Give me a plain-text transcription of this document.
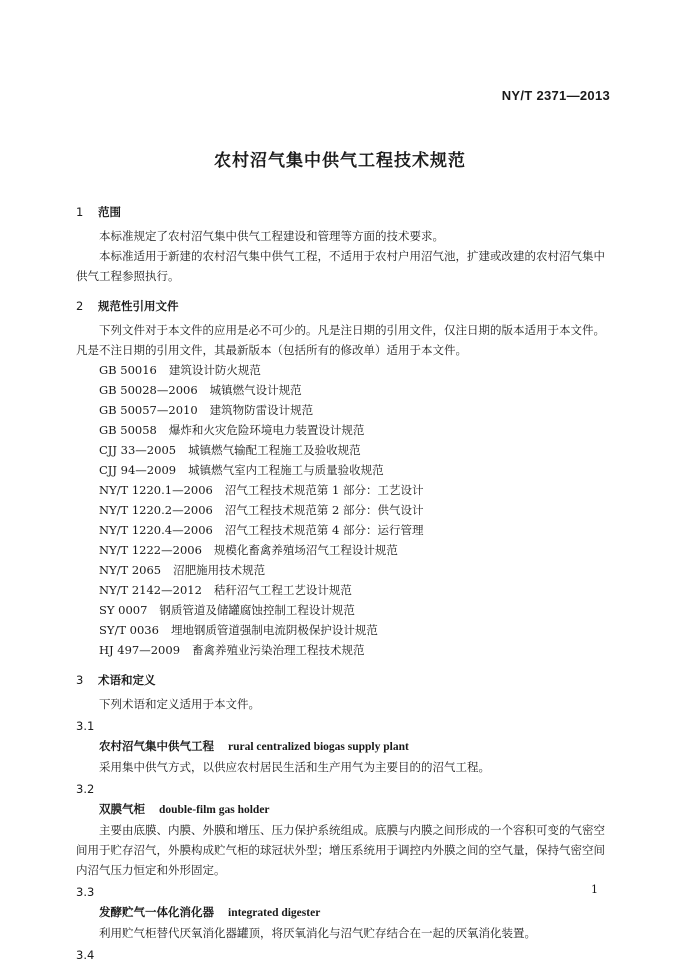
NY/T 2371—2013
农村沼气集中供气工程技术规范
1 范围

本标准规定了农村沼气集中供气工程建设和管理等方面的技术要求。

本标准适用于新建的农村沼气集中供气工程，不适用于农村户用沼气池，扩建或改建的农村沼气集中供气工程参照执行。

2 规范性引用文件

下列文件对于本文件的应用是必不可少的。凡是注日期的引用文件，仅注日期的版本适用于本文件。凡是不注日期的引用文件，其最新版本（包括所有的修改单）适用于本文件。

GB 50016 建筑设计防火规范
GB 50028—2006 城镇燃气设计规范
GB 50057—2010 建筑物防雷设计规范
GB 50058 爆炸和火灾危险环境电力装置设计规范
CJJ 33—2005 城镇燃气输配工程施工及验收规范
CJJ 94—2009 城镇燃气室内工程施工与质量验收规范
NY/T 1220.1—2006 沼气工程技术规范第 1 部分：工艺设计
NY/T 1220.2—2006 沼气工程技术规范第 2 部分：供气设计
NY/T 1220.4—2006 沼气工程技术规范第 4 部分：运行管理
NY/T 1222—2006 规模化畜禽养殖场沼气工程设计规范
NY/T 2065 沼肥施用技术规范
NY/T 2142—2012 秸秆沼气工程工艺设计规范
SY 0007 钢质管道及储罐腐蚀控制工程设计规范
SY/T 0036 埋地钢质管道强制电流阴极保护设计规范
HJ 497—2009 畜禽养殖业污染治理工程技术规范
3 术语和定义

下列术语和定义适用于本文件。

3.1
农村沼气集中供气工程 rural centralized biogas supply plant

采用集中供气方式，以供应农村居民生活和生产用气为主要目的的沼气工程。

3.2
双膜气柜 double-film gas holder

主要由底膜、内膜、外膜和增压、压力保护系统组成。底膜与内膜之间形成的一个容积可变的气密空间用于贮存沼气，外膜构成贮气柜的球冠状外型；增压系统用于调控内外膜之间的空气量，保持气密空间内沼气压力恒定和外形固定。

3.3
发酵贮气一体化消化器 integrated digester

利用贮气柜替代厌氧消化器罐顶，将厌氧消化与沼气贮存结合在一起的厌氧消化装置。

3.4
1
